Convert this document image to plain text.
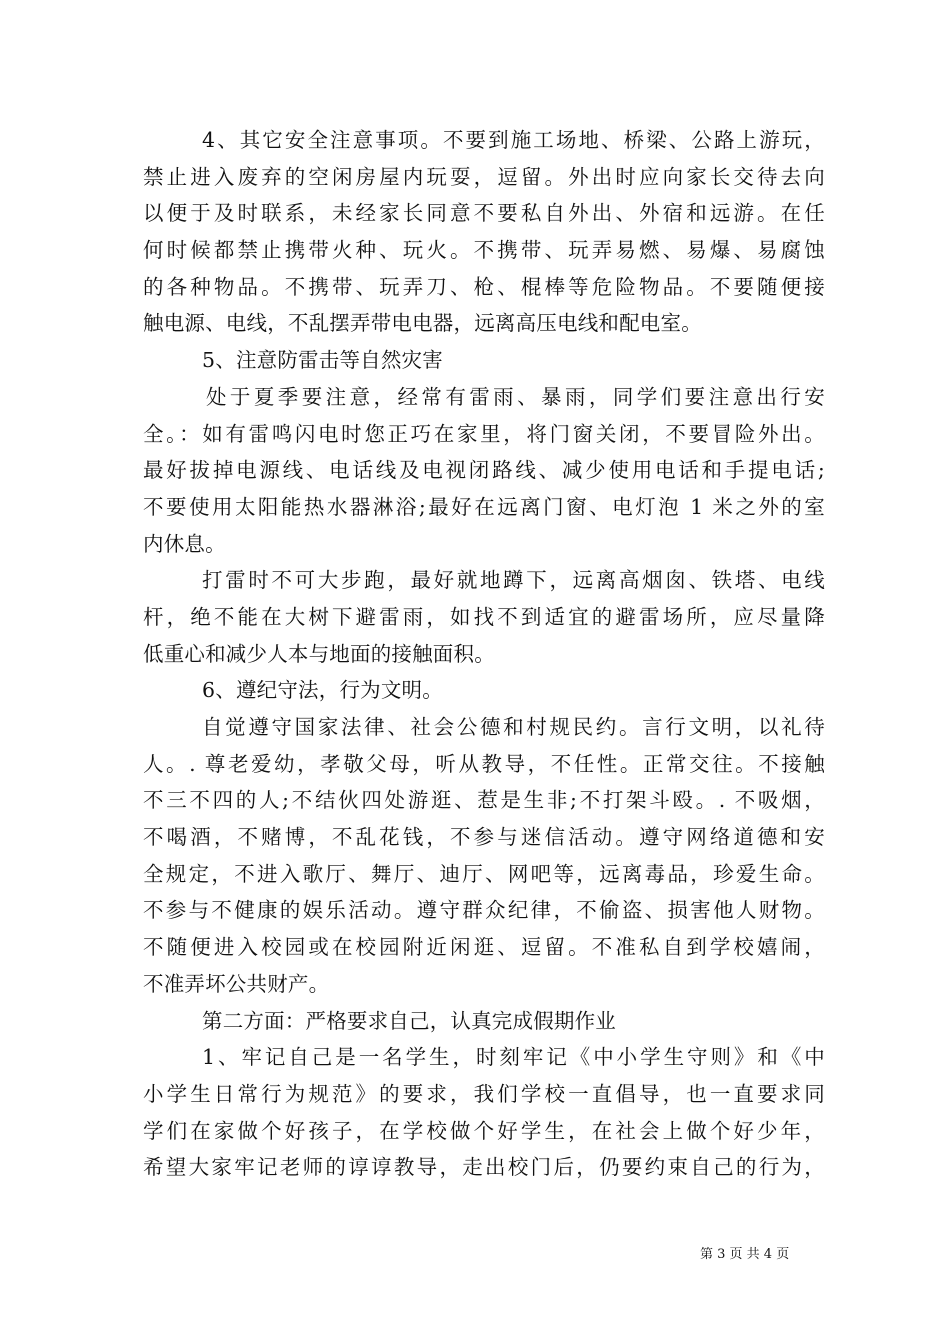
4、其它安全注意事项。不要到施工场地、桥梁、公路上游玩，
禁止进入废弃的空闲房屋内玩耍，逗留。外出时应向家长交待去向
以便于及时联系，未经家长同意不要私自外出、外宿和远游。在任
何时候都禁止携带火种、玩火。不携带、玩弄易燃、易爆、易腐蚀
的各种物品。不携带、玩弄刀、枪、棍棒等危险物品。不要随便接
触电源、电线，不乱摆弄带电电器，远离高压电线和配电室。
5、注意防雷击等自然灾害
处于夏季要注意，经常有雷雨、暴雨，同学们要注意出行安
全。：如有雷鸣闪电时您正巧在家里，将门窗关闭，不要冒险外出。
最好拔掉电源线、电话线及电视闭路线、减少使用电话和手提电话;
不要使用太阳能热水器淋浴;最好在远离门窗、电灯泡 1 米之外的室
内休息。
打雷时不可大步跑，最好就地蹲下，远离高烟囱、铁塔、电线
杆，绝不能在大树下避雷雨，如找不到适宜的避雷场所，应尽量降
低重心和减少人本与地面的接触面积。
6、遵纪守法，行为文明。
自觉遵守国家法律、社会公德和村规民约。言行文明，以礼待
人。. 尊老爱幼，孝敬父母，听从教导，不任性。正常交往。不接触
不三不四的人;不结伙四处游逛、惹是生非;不打架斗殴。. 不吸烟，
不喝酒，不赌博，不乱花钱，不参与迷信活动。遵守网络道德和安
全规定，不进入歌厅、舞厅、迪厅、网吧等，远离毒品，珍爱生命。
不参与不健康的娱乐活动。遵守群众纪律，不偷盗、损害他人财物。
不随便进入校园或在校园附近闲逛、逗留。不准私自到学校嬉闹，
不准弄坏公共财产。
第二方面：严格要求自己，认真完成假期作业
1、牢记自己是一名学生，时刻牢记《中小学生守则》和《中
小学生日常行为规范》的要求，我们学校一直倡导，也一直要求同
学们在家做个好孩子，在学校做个好学生，在社会上做个好少年，
希望大家牢记老师的谆谆教导，走出校门后，仍要约束自己的行为，
第 3 页 共 4 页
